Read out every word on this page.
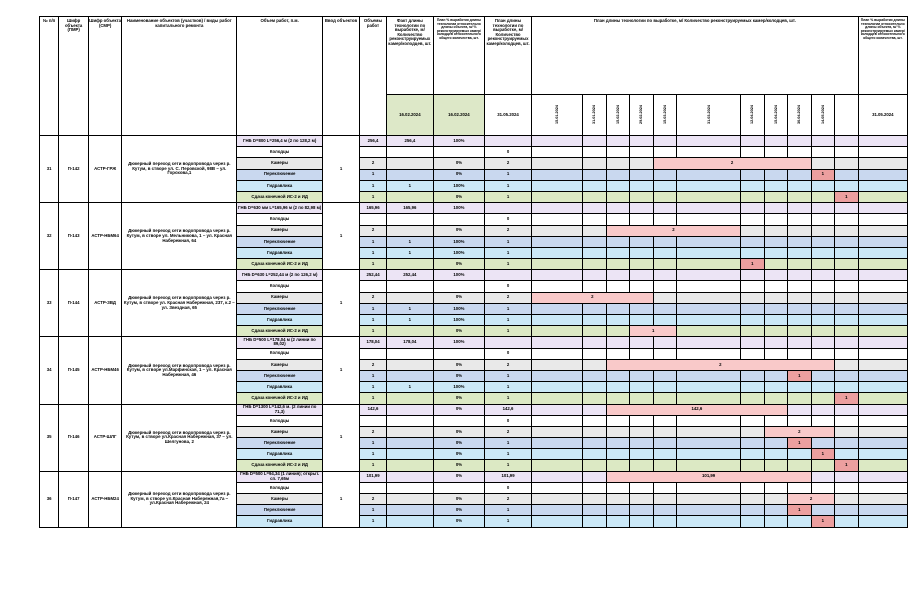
№ п/п	Шифр объекта (ПМР)	Шифр объекта (СМР)	Наименование объектов (участков) / виды работ капитального ремонта	Объем работ, п.м.	Ввод объектов	Объемы работ	Факт длины технологии по выработке, м/ Количество реконструируемых камер/колодцев, шт.	План % выработки длины технологии относительно длины объекта, м/ % реконструируемых камер/колодцев относительного общего количества, шт.	План длины технологии по выработке, м/ Количество реконструируемых камер/колодцев, шт.	План длины технологии по выработке, м/ Количество реконструируемых камер/колодцев, шт.											План % выработки длины технологии относительно длины объекта, м/ % реконструируемых камер/колодцев относительного общего количества, шт.
							16.02.2024	16.02.2024	31.05.2024	15.01.2024	31.01.2024	15.02.2024	29.02.2024	15.03.2024	31.03.2024	12.04.2024	15.04.2024	30.04.2024	14.05.2024		31.05.2024
31	П-142	АСТР-ГРЖ	Дюкерный переход сети водопровода через р. Кутум, в створе ул. С. Перовской, 98В – ул. Горохова,1	ГНБ D=800 L=256,4 м (2 по 128,2 м)	1	256,4	256,4	100%													
				Колодцы					0												
				Камеры		2		0%	2					2							
				Переключение		1		0%	1										1		
				Гидравлика		1	1	100%	1												
				Сдача конечной ИС-2 и ИД		1		0%	1											1	
32	П-143	АСТР-НБМ64	Дюкерный переход сети водопровода через р. Кутум, в створе ул. Мельникова, 1 – ул. Красная Набережная, 64	ГНБ D=630 мм L=165,96 м (2 по 82,98 м)	1	165,96	165,96	100%													
				Колодцы					0												
				Камеры		2		0%	2			2									
				Переключение		1	1	100%	1												
				Гидравлика		1	1	100%	1												
				Сдача конечной ИС-2 и ИД		1		0%	1							1					
33	П-144	АСТР-ЗВД	Дюкерный переход сети водопровода через р. Кутум, в створе ул. Красная Набережная, 237, к.2 – ул. Звездная, 65	ГНБ D=630 L=252,44 м (2 по 126,2 м)	1	252,44	252,44	100%													
				Колодцы					0												
				Камеры		2		0%	2	2											
				Переключение		1	1	100%	1												
				Гидравлика		1	1	100%	1												
				Сдача конечной ИС-2 и ИД		1		0%	1				1								
34	П-145	АСТР-НБМ46	Дюкерный переход сети водопровода через р. Кутум, в створе ул.Марфинская, 1 – ул. Красная Набережная, 46	ГНБ D=500 L=178,04 м (2 линии по 89,02)	1	178,04	178,04	100%													
				Колодцы					0												
				Камеры		2		0%	2			2									
				Переключение		1		0%	1									1			
				Гидравлика		1	1	100%	1												
				Сдача конечной ИС-2 и ИД		1		0%	1											1	
35	П-146	АСТР-ШЛГ	Дюкерный переход сети водопровода через р. Кутум, в створе ул.Красная Набережная, 37 – ул. Шелгунова, 2	ГНБ D=1300 L=142,6 м. (2 линии по 71,3)	1	142,6		0%	142,6			142,6									
				Колодцы					0												
				Камеры		2		0%	2								2				
				Переключение		1		0%	1									1			
				Гидравлика		1		0%	1										1		
				Сдача конечной ИС-2 и ИД		1		0%	1											1	
36	П-147	АСТР-НБМ24	Дюкерный переход сети водопровода через р. Кутум, в створе ул.Красная Набережная,7а – ул.Красная Набережная, 24	ГНБ D=500 L=94,34 (1 линия); открыт. сп. 7,65м	1	101,99		0%	101,99			101,99									
				Колодцы					0												
				Камеры		2		0%	2									2			
				Переключение		1		0%	1									1			
				Гидравлика		1		0%	1										1		
